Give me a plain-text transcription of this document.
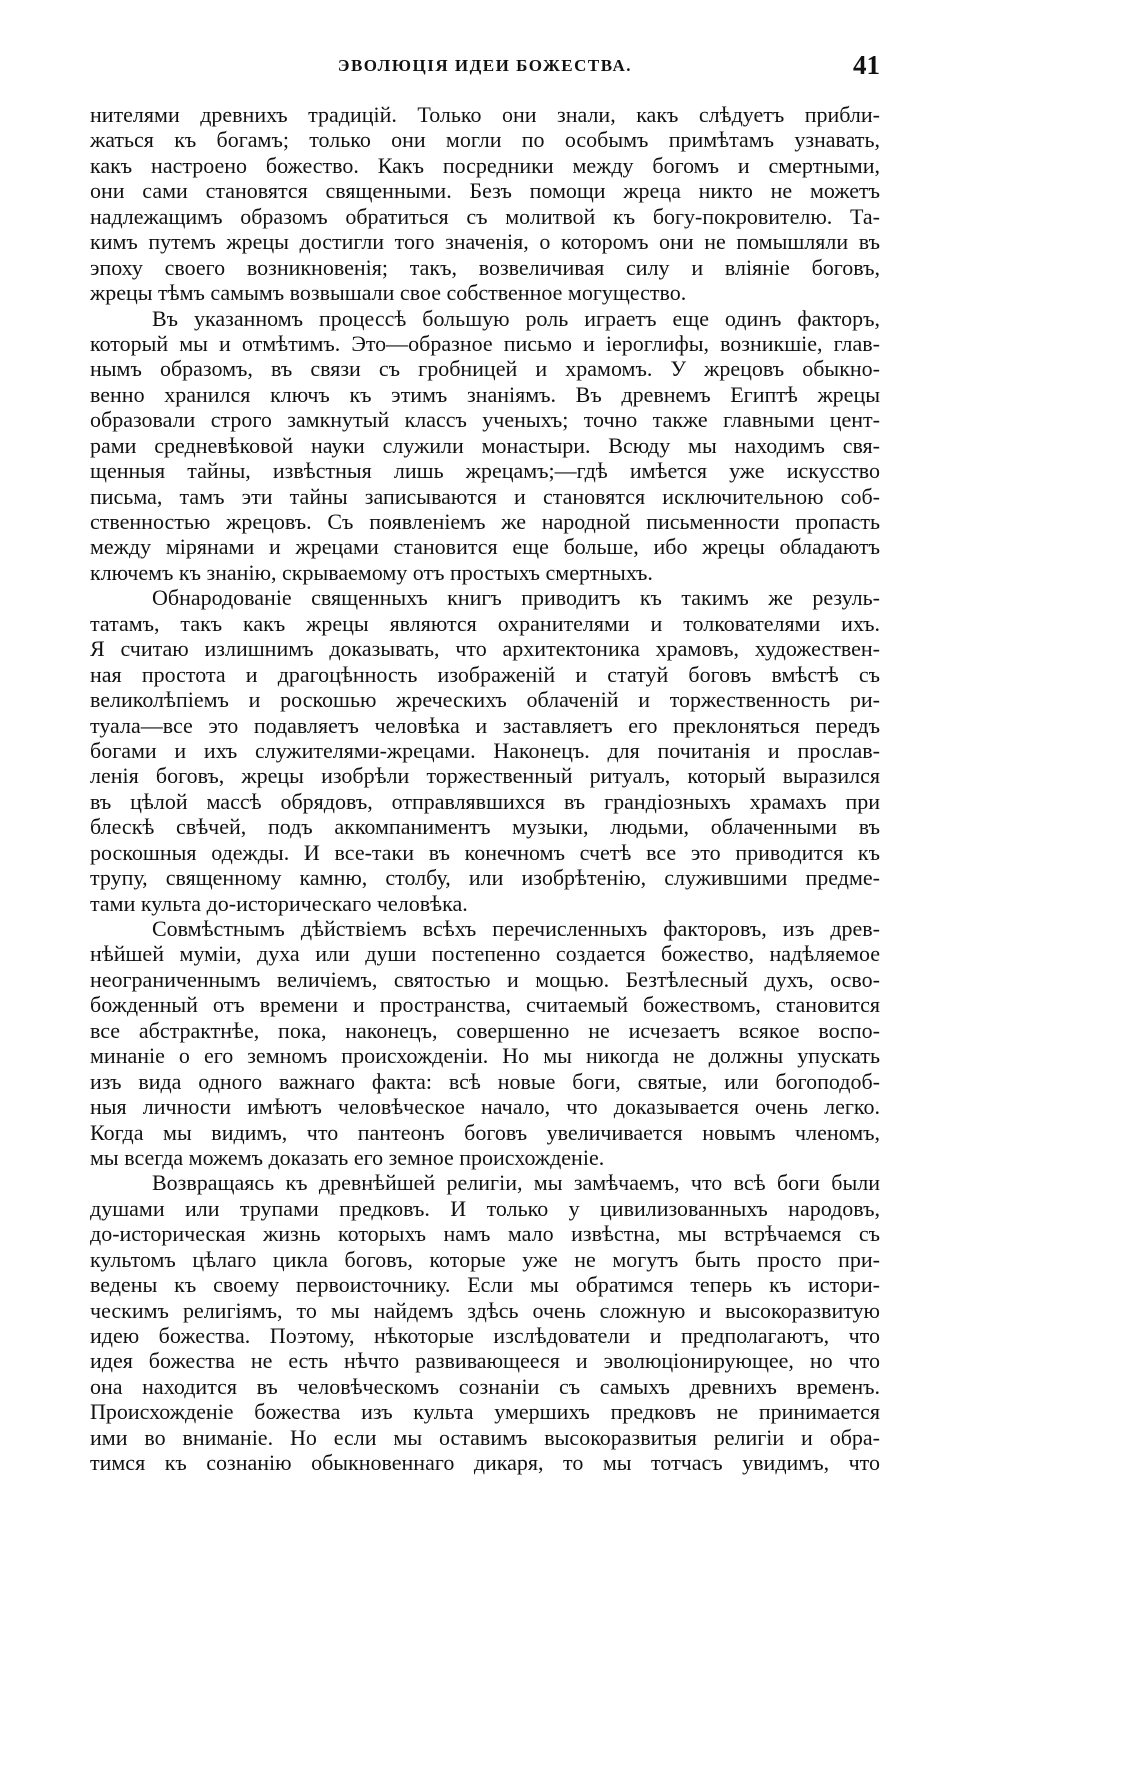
ЭВОЛЮЦІЯ ИДЕИ БОЖЕСТВА.	41
нителями древнихъ традицій. Только они знали, какъ слѣдуетъ прибли-
жаться къ богамъ; только они могли по особымъ примѣтамъ узнавать,
какъ настроено божество. Какъ посредники между богомъ и смертными,
они сами становятся священными. Безъ помощи жреца никто не можетъ
надлежащимъ образомъ обратиться съ молитвой къ богу-покровителю. Та-
кимъ путемъ жрецы достигли того значенія, о которомъ они не помышляли въ
эпоху своего возникновенія; такъ, возвеличивая силу и вліяніе боговъ,
жрецы тѣмъ самымъ возвышали свое собственное могущество.
Въ указанномъ процессѣ большую роль играетъ еще одинъ факторъ,
который мы и отмѣтимъ. Это—образное письмо и іероглифы, возникшіе, глав-
нымъ образомъ, въ связи съ гробницей и храмомъ. У жрецовъ обыкно-
венно хранился ключъ къ этимъ знаніямъ. Въ древнемъ Египтѣ жрецы
образовали строго замкнутый классъ ученыхъ; точно также главными цент-
рами средневѣковой науки служили монастыри. Всюду мы находимъ свя-
щенныя тайны, извѣстныя лишь жрецамъ;—гдѣ имѣется уже искусство
письма, тамъ эти тайны записываются и становятся исключительною соб-
ственностью жрецовъ. Съ появленіемъ же народной письменности пропасть
между мірянами и жрецами становится еще больше, ибо жрецы обладаютъ
ключемъ къ знанію, скрываемому отъ простыхъ смертныхъ.
Обнародованіе священныхъ книгъ приводитъ къ такимъ же резуль-
татамъ, такъ какъ жрецы являются охранителями и толкователями ихъ.
Я считаю излишнимъ доказывать, что архитектоника храмовъ, художествен-
ная простота и драгоцѣнность изображеній и статуй боговъ вмѣстѣ съ
великолѣпіемъ и роскошью жреческихъ облаченій и торжественность ри-
туала—все это подавляетъ человѣка и заставляетъ его преклоняться передъ
богами и ихъ служителями-жрецами. Наконецъ. для почитанія и прослав-
ленія боговъ, жрецы изобрѣли торжественный ритуалъ, который выразился
въ цѣлой массѣ обрядовъ, отправлявшихся въ грандіозныхъ храмахъ при
блескѣ свѣчей, подъ аккомпаниментъ музыки, людьми, облаченными въ
роскошныя одежды. И все-таки въ конечномъ счетѣ все это приводится къ
трупу, священному камню, столбу, или изобрѣтенію, служившими предме-
тами культа до-историческаго человѣка.
Совмѣстнымъ дѣйствіемъ всѣхъ перечисленныхъ факторовъ, изъ древ-
нѣйшей муміи, духа или души постепенно создается божество, надѣляемое
неограниченнымъ величіемъ, святостью и мощью. Безтѣлесный духъ, осво-
божденный отъ времени и пространства, считаемый божествомъ, становится
все абстрактнѣе, пока, наконецъ, совершенно не исчезаетъ всякое воспо-
минаніе о его земномъ происхожденіи. Но мы никогда не должны упускать
изъ вида одного важнаго факта: всѣ новые боги, святые, или богоподоб-
ныя личности имѣютъ человѣческое начало, что доказывается очень легко.
Когда мы видимъ, что пантеонъ боговъ увеличивается новымъ членомъ,
мы всегда можемъ доказать его земное происхожденіе.
Возвращаясь къ древнѣйшей религіи, мы замѣчаемъ, что всѣ боги были
душами или трупами предковъ. И только у цивилизованныхъ народовъ,
до-историческая жизнь которыхъ намъ мало извѣстна, мы встрѣчаемся съ
культомъ цѣлаго цикла боговъ, которые уже не могутъ быть просто при-
ведены къ своему первоисточнику. Если мы обратимся теперь къ истори-
ческимъ религіямъ, то мы найдемъ здѣсь очень сложную и высокоразвитую
идею божества. Поэтому, нѣкоторые изслѣдователи и предполагаютъ, что
идея божества не есть нѣчто развивающееся и эволюціонирующее, но что
она находится въ человѣческомъ сознаніи съ самыхъ древнихъ временъ.
Происхожденіе божества изъ культа умершихъ предковъ не принимается
ими во вниманіе. Но если мы оставимъ высокоразвитыя религіи и обра-
тимся къ сознанію обыкновеннаго дикаря, то мы тотчасъ увидимъ, что
